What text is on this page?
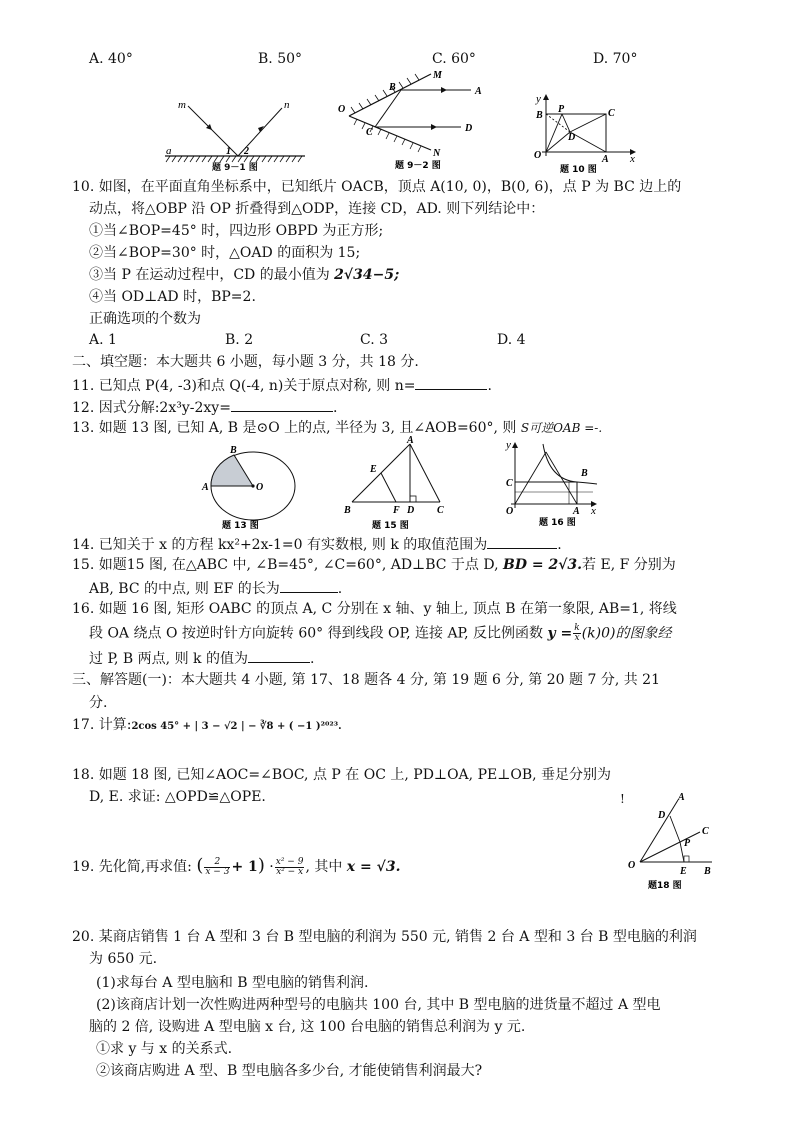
A. 40°	B. 50°	C. 60°	D. 70°
m	n
a	1 2
M
A
O
B
C	D
N
题 9－2 图
题 9－1 图
y
P	C
B
D
O	A x
题 10 图
10. 如图，在平面直角坐标系中，已知纸片 OACB，顶点 A(10, 0)，B(0, 6)，点 P 为 BC 边上的
动点，将△OBP 沿 OP 折叠得到△ODP，连接 CD，AD. 则下列结论中：
①当∠BOP=45° 时，四边形 OBPD 为正方形;
②当∠BOP=30° 时，△OAD 的面积为 15;
③当 P 在运动过程中，CD 的最小值为 2√34−5;
④当 OD⊥AD 时，BP=2.
正确选项的个数为
A. 1	B. 2	C. 3	D. 4
二、填空题：本大题共 6 小题，每小题 3 分，共 18 分.
11. 已知点 P(4, -3)和点 Q(-4, n)关于原点对称, 则 n=	.
12. 因式分解:2x³y-2xy=	.
13. 如题 13 图, 已知 A, B 是⊙O 上的点, 半径为 3, 且∠AOB=60°, 则 S可逆OAB =-.
B
A	O
题 13 图
A
E
B	F D C
题 15 图
y
C
B
O	A x
题 16 图
14. 已知关于 x 的方程 kx²+2x-1=0 有实数根, 则 k 的取值范围为	.
15. 如题15 图, 在△ABC 中, ∠B=45°, ∠C=60°, AD⊥BC 于点 D, BD = 2√3.若 E, F 分别为
AB, BC 的中点, 则 EF 的长为	.
16. 如题 16 图, 矩形 OABC 的顶点 A, C 分别在 x 轴、y 轴上, 顶点 B 在第一象限, AB=1, 将线
段 OA 绕点 O 按逆时针方向旋转 60° 得到线段 OP, 连接 AP, 反比例函数 $y = \frac{k}{x} (k)0$)的图象经
过 P, B 两点, 则 k 的值为	.
三、解答题(一)：本大题共 4 小题, 第 17、18 题各 4 分, 第 19 题 6 分, 第 20 题 7 分, 共 21
分.
17. 计算:2cos 45° + | 3 − √2 | − ∛8 + ( −1 )²⁰²³.
18. 如题 18 图, 已知∠AOC=∠BOC, 点 P 在 OC 上, PD⊥OA, PE⊥OB, 垂足分别为
D, E. 求证: △OPD≌△OPE.	!	A
D
C
P
O
E B
题18 图
19. 先化简,再求值: ( $\frac{2}{x - 3} + 1) \cdot \frac{\text{x² − 9}}{\text{x² − x}}$ , 其中 x = √3.
20. 某商店销售 1 台 A 型和 3 台 B 型电脑的利润为 550 元, 销售 2 台 A 型和 3 台 B 型电脑的利润
为 650 元.
(1)求每台 A 型电脑和 B 型电脑的销售利润.
(2)该商店计划一次性购进两种型号的电脑共 100 台, 其中 B 型电脑的进货量不超过 A 型电
脑的 2 倍, 设购进 A 型电脑 x 台, 这 100 台电脑的销售总利润为 y 元.
①求 y 与 x 的关系式.
②该商店购进 A 型、B 型电脑各多少台, 才能使销售利润最大?
